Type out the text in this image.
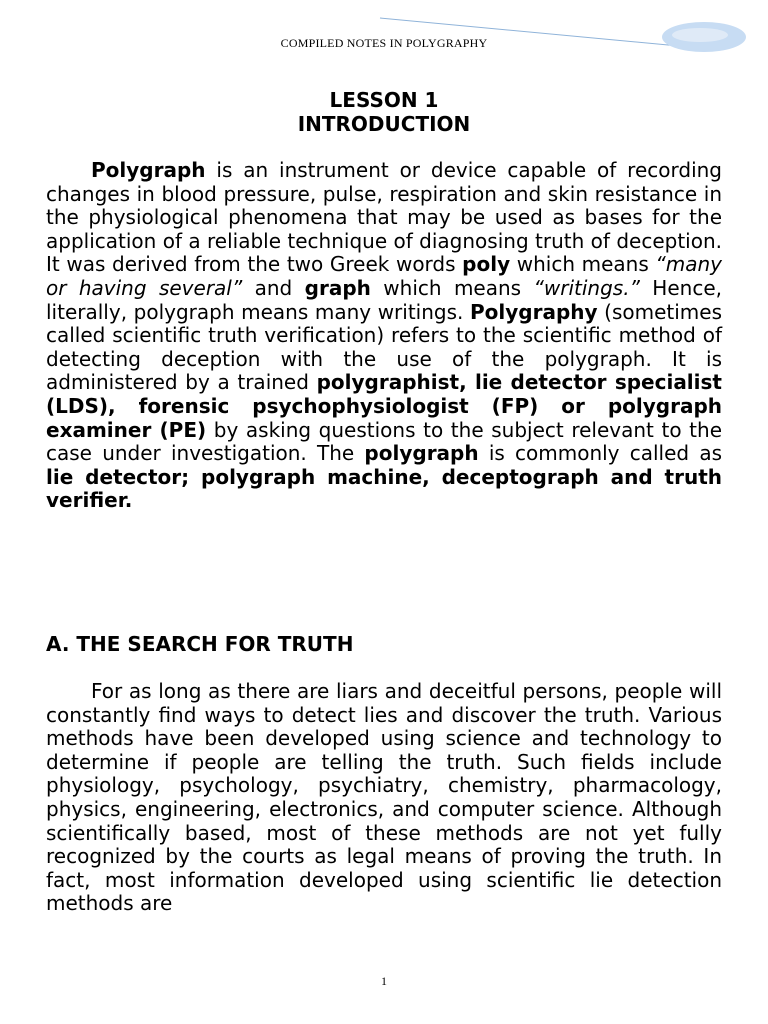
COMPILED NOTES IN POLYGRAPHY
LESSON 1
INTRODUCTION

Polygraph is an instrument or device capable of recording changes in blood pressure, pulse, respiration and skin resistance in the physiological phenomena that may be used as bases for the application of a reliable technique of diagnosing truth of deception. It was derived from the two Greek words poly which means “many or having several” and graph which means “writings.” Hence, literally, polygraph means many writings. Polygraphy (sometimes called scientific truth verification) refers to the scientific method of detecting deception with the use of the polygraph. It is administered by a trained polygraphist, lie detector specialist (LDS), forensic psychophysiologist (FP) or polygraph examiner (PE) by asking questions to the subject relevant to the case under investigation. The polygraph is commonly called as lie detector; polygraph machine, deceptograph and truth verifier.

A. THE SEARCH FOR TRUTH

For as long as there are liars and deceitful persons, people will constantly find ways to detect lies and discover the truth. Various methods have been developed using science and technology to determine if people are telling the truth. Such fields include physiology, psychology, psychiatry, chemistry, pharmacology, physics, engineering, electronics, and computer science. Although scientifically based, most of these methods are not yet fully recognized by the courts as legal means of proving the truth. In fact, most information developed using scientific lie detection methods are

1
